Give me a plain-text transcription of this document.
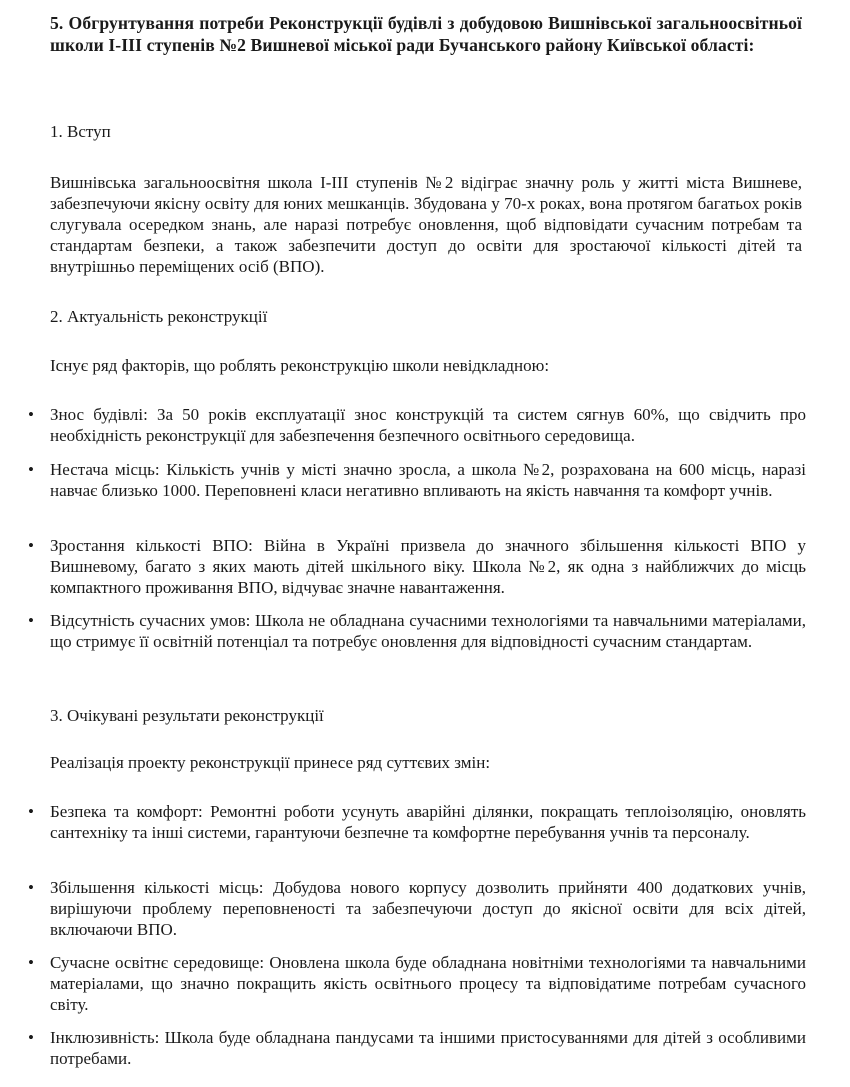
5. Обгрунтування потреби Реконструкції будівлі з добудовою Вишнівської загальноосвітньої школи І-ІІІ ступенів №2 Вишневої міської ради Бучанського району Київської області:
1. Вступ
Вишнівська загальноосвітня школа І-ІІІ ступенів №2 відіграє значну роль у житті міста Вишневе, забезпечуючи якісну освіту для юних мешканців. Збудована у 70-х роках, вона протягом багатьох років слугувала осередком знань, але наразі потребує оновлення, щоб відповідати сучасним потребам та стандартам безпеки, а також забезпечити доступ до освіти для зростаючої кількості дітей та внутрішньо переміщених осіб (ВПО).
2. Актуальність реконструкції
Існує ряд факторів, що роблять реконструкцію школи невідкладною:
• Знос будівлі: За 50 років експлуатації знос конструкцій та систем сягнув 60%, що свідчить про необхідність реконструкції для забезпечення безпечного освітнього середовища.
• Нестача місць: Кількість учнів у місті значно зросла, а школа №2, розрахована на 600 місць, наразі навчає близько 1000. Переповнені класи негативно впливають на якість навчання та комфорт учнів.
• Зростання кількості ВПО: Війна в Україні призвела до значного збільшення кількості ВПО у Вишневому, багато з яких мають дітей шкільного віку. Школа №2, як одна з найближчих до місць компактного проживання ВПО, відчуває значне навантаження.
• Відсутність сучасних умов: Школа не обладнана сучасними технологіями та навчальними матеріалами, що стримує її освітній потенціал та потребує оновлення для відповідності сучасним стандартам.
3. Очікувані результати реконструкції
Реалізація проекту реконструкції принесе ряд суттєвих змін:
• Безпека та комфорт: Ремонтні роботи усунуть аварійні ділянки, покращать теплоізоляцію, оновлять сантехніку та інші системи, гарантуючи безпечне та комфортне перебування учнів та персоналу.
• Збільшення кількості місць: Добудова нового корпусу дозволить прийняти 400 додаткових учнів, вирішуючи проблему переповненості та забезпечуючи доступ до якісної освіти для всіх дітей, включаючи ВПО.
• Сучасне освітнє середовище: Оновлена школа буде обладнана новітніми технологіями та навчальними матеріалами, що значно покращить якість освітнього процесу та відповідатиме потребам сучасного світу.
• Інклюзивність: Школа буде обладнана пандусами та іншими пристосуваннями для дітей з особливими потребами.
